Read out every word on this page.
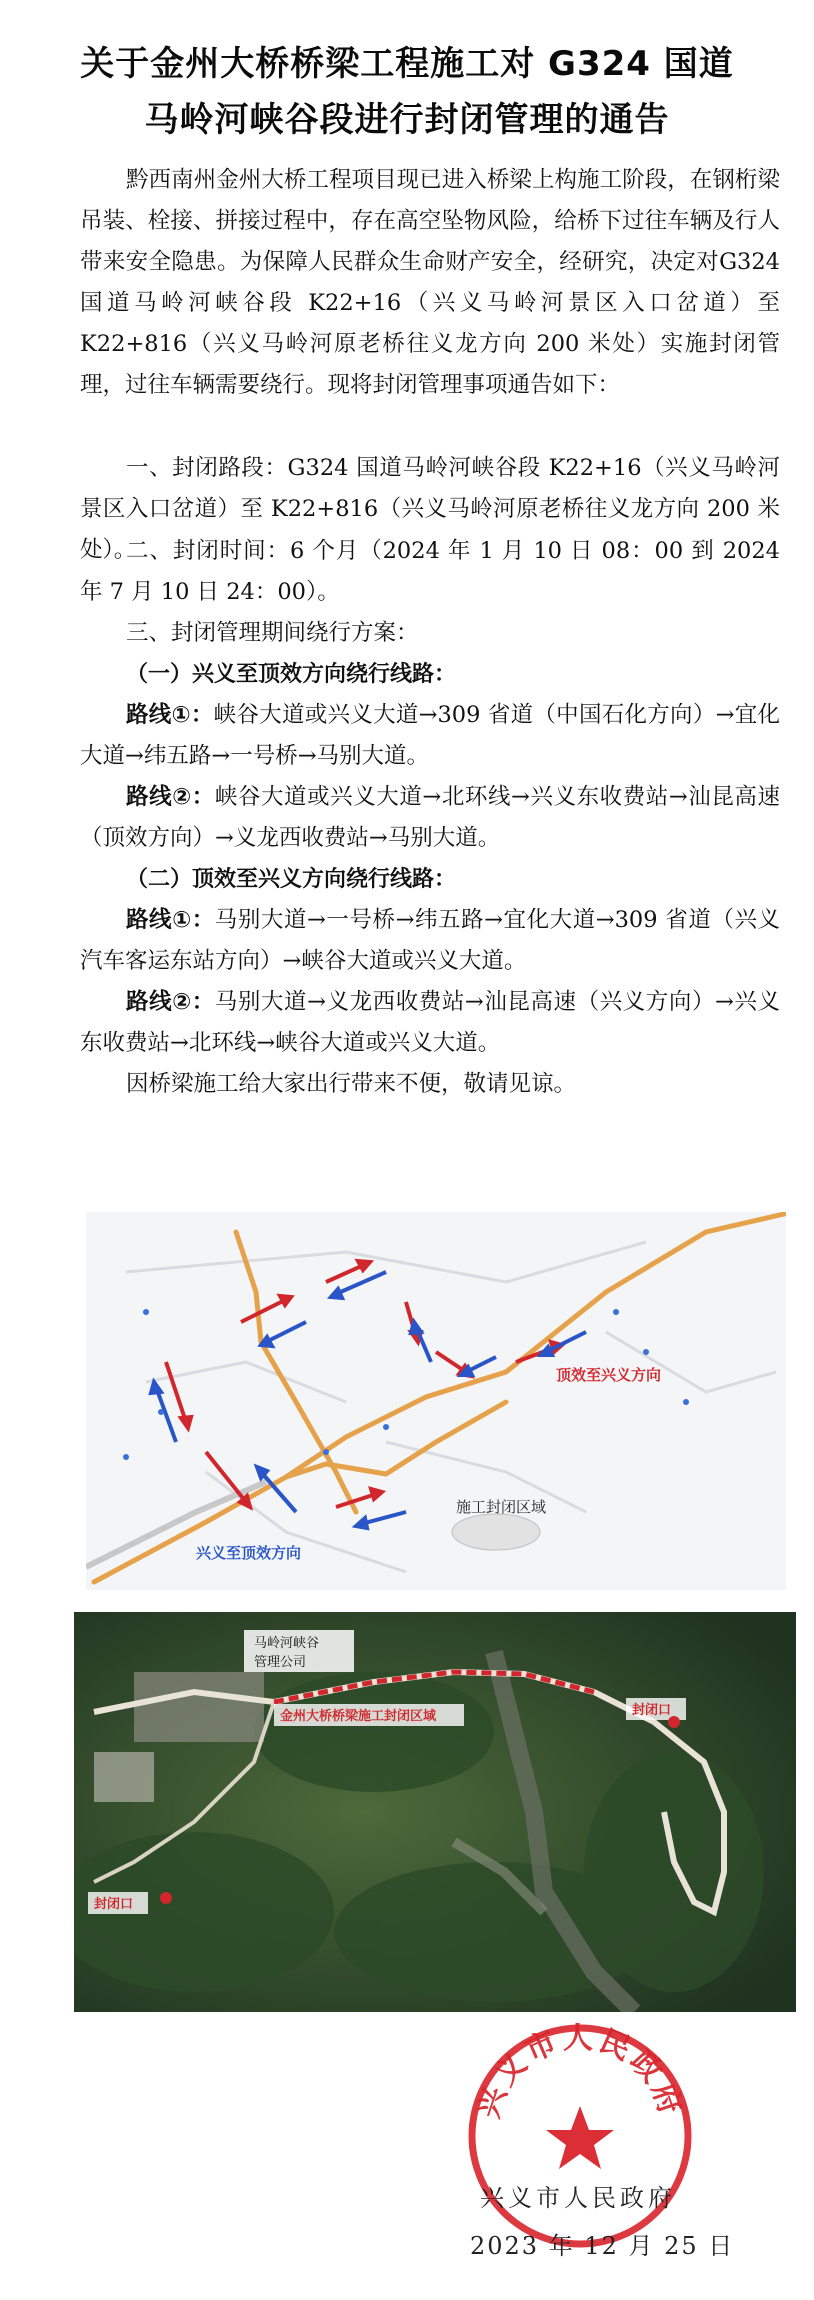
关于金州大桥桥梁工程施工对 G324 国道
马岭河峡谷段进行封闭管理的通告

黔西南州金州大桥工程项目现已进入桥梁上构施工阶段，在钢桁梁吊装、栓接、拼接过程中，存在高空坠物风险，给桥下过往车辆及行人带来安全隐患。为保障人民群众生命财产安全，经研究，决定对G324 国道马岭河峡谷段 K22+16（兴义马岭河景区入口岔道）至 K22+816（兴义马岭河原老桥往义龙方向 200 米处）实施封闭管理，过往车辆需要绕行。现将封闭管理事项通告如下：

一、封闭路段：G324 国道马岭河峡谷段 K22+16（兴义马岭河景区入口岔道）至 K22+816（兴义马岭河原老桥往义龙方向 200 米处）。

二、封闭时间：6 个月（2024 年 1 月 10 日 08：00 到 2024 年 7 月 10 日 24：00）。

三、封闭管理期间绕行方案：

（一）兴义至顶效方向绕行线路：

路线①：峡谷大道或兴义大道→309 省道（中国石化方向）→宜化大道→纬五路→一号桥→马别大道。

路线②：峡谷大道或兴义大道→北环线→兴义东收费站→汕昆高速（顶效方向）→义龙西收费站→马别大道。

（二）顶效至兴义方向绕行线路：

路线①：马别大道→一号桥→纬五路→宜化大道→309 省道（兴义汽车客运东站方向）→峡谷大道或兴义大道。

路线②：马别大道→义龙西收费站→汕昆高速（兴义方向）→兴义东收费站→北环线→峡谷大道或兴义大道。

因桥梁施工给大家出行带来不便，敬请见谅。

顶效至兴义方向
兴义至顶效方向
施工封闭区域
马岭河峡谷
管理公司
金州大桥桥梁施工封闭区域	封闭口
封闭口
兴义市人民政府
兴义市人民政府
2023 年 12 月 25 日
